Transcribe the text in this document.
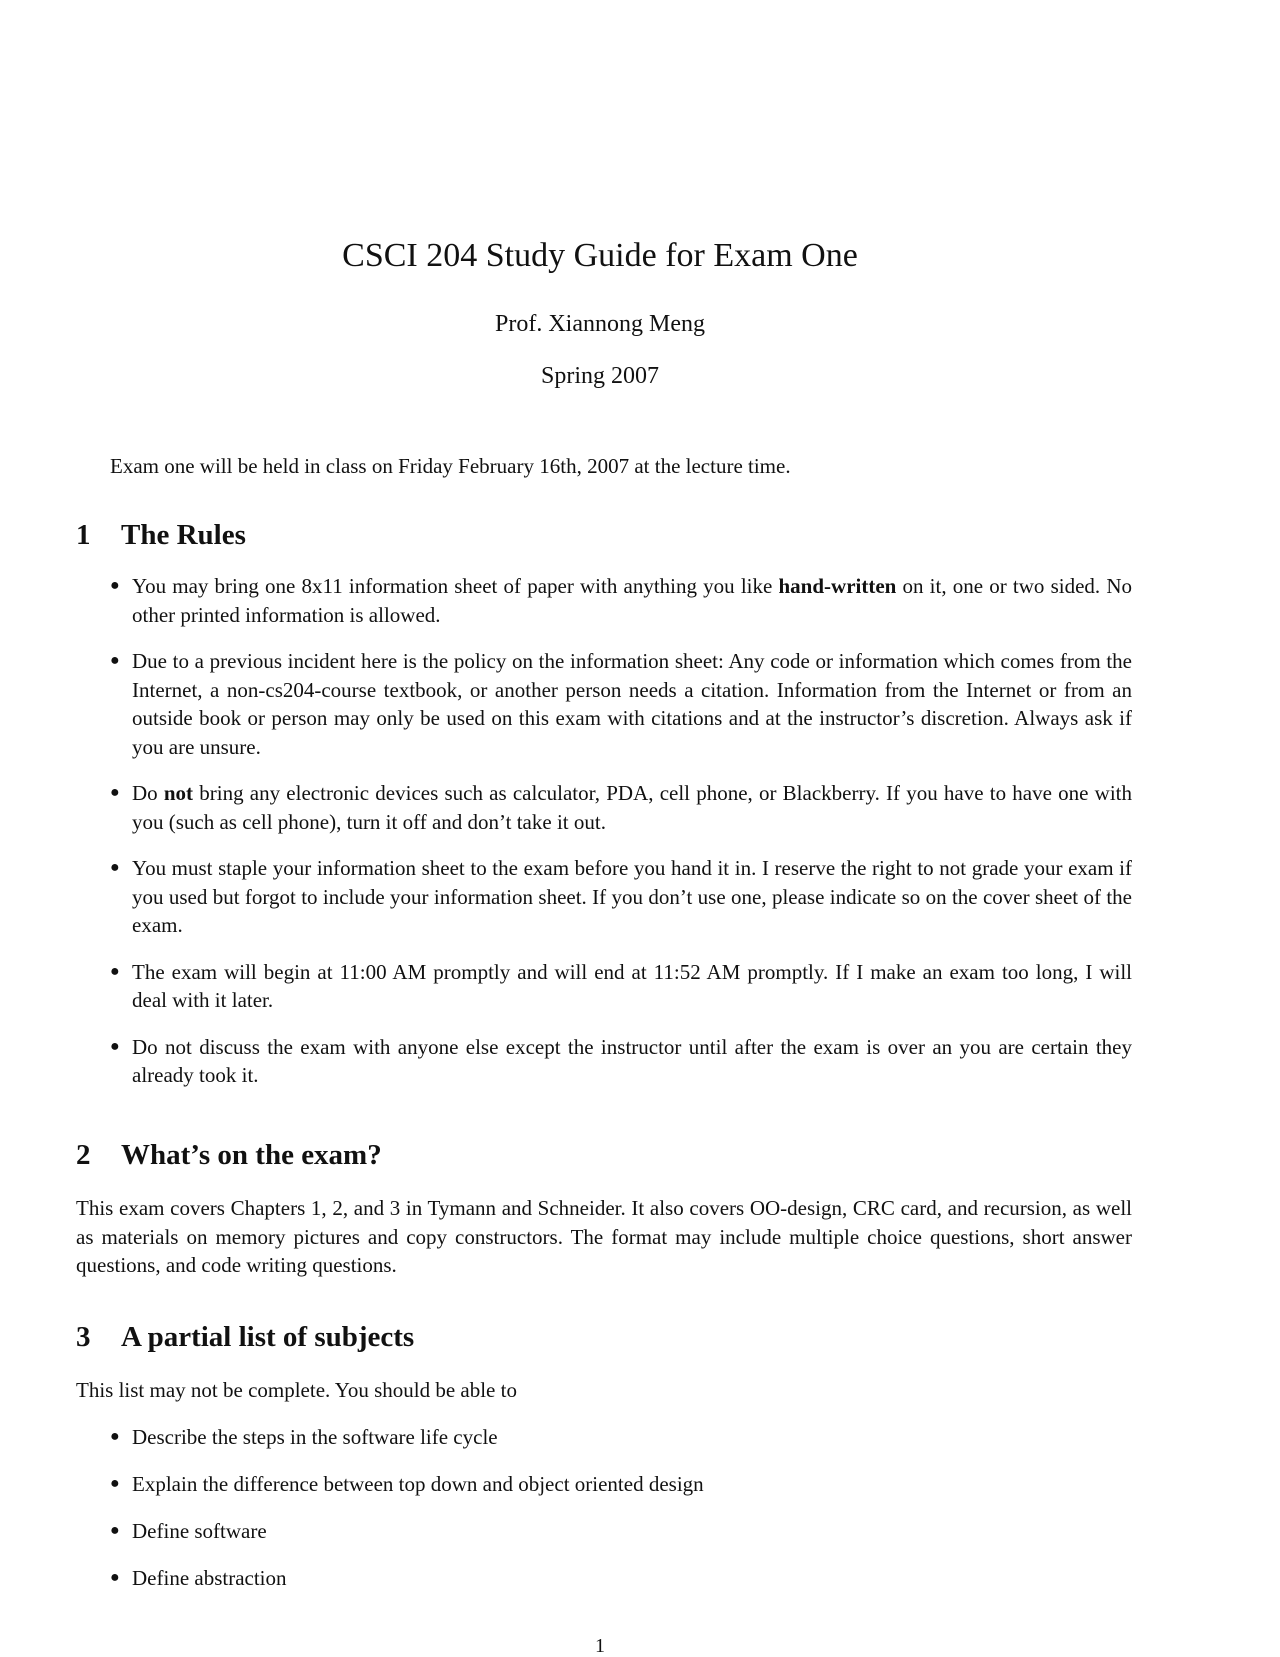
CSCI 204 Study Guide for Exam One
Prof. Xiannong Meng
Spring 2007
Exam one will be held in class on Friday February 16th, 2007 at the lecture time.
1 The Rules
● You may bring one 8x11 information sheet of paper with anything you like hand-written on it, one or two sided. No other printed information is allowed.
● Due to a previous incident here is the policy on the information sheet: Any code or information which comes from the Internet, a non-cs204-course textbook, or another person needs a citation. Information from the Internet or from an outside book or person may only be used on this exam with citations and at the instructor’s discretion. Always ask if you are unsure.
● Do not bring any electronic devices such as calculator, PDA, cell phone, or Blackberry. If you have to have one with you (such as cell phone), turn it off and don’t take it out.
● You must staple your information sheet to the exam before you hand it in. I reserve the right to not grade your exam if you used but forgot to include your information sheet. If you don’t use one, please indicate so on the cover sheet of the exam.
● The exam will begin at 11:00 AM promptly and will end at 11:52 AM promptly. If I make an exam too long, I will deal with it later.
● Do not discuss the exam with anyone else except the instructor until after the exam is over an you are certain they already took it.
2 What’s on the exam?
This exam covers Chapters 1, 2, and 3 in Tymann and Schneider. It also covers OO-design, CRC card, and recursion, as well as materials on memory pictures and copy constructors. The format may include multiple choice questions, short answer questions, and code writing questions.
3 A partial list of subjects
This list may not be complete. You should be able to
● Describe the steps in the software life cycle
● Explain the difference between top down and object oriented design
● Define software
● Define abstraction
1
